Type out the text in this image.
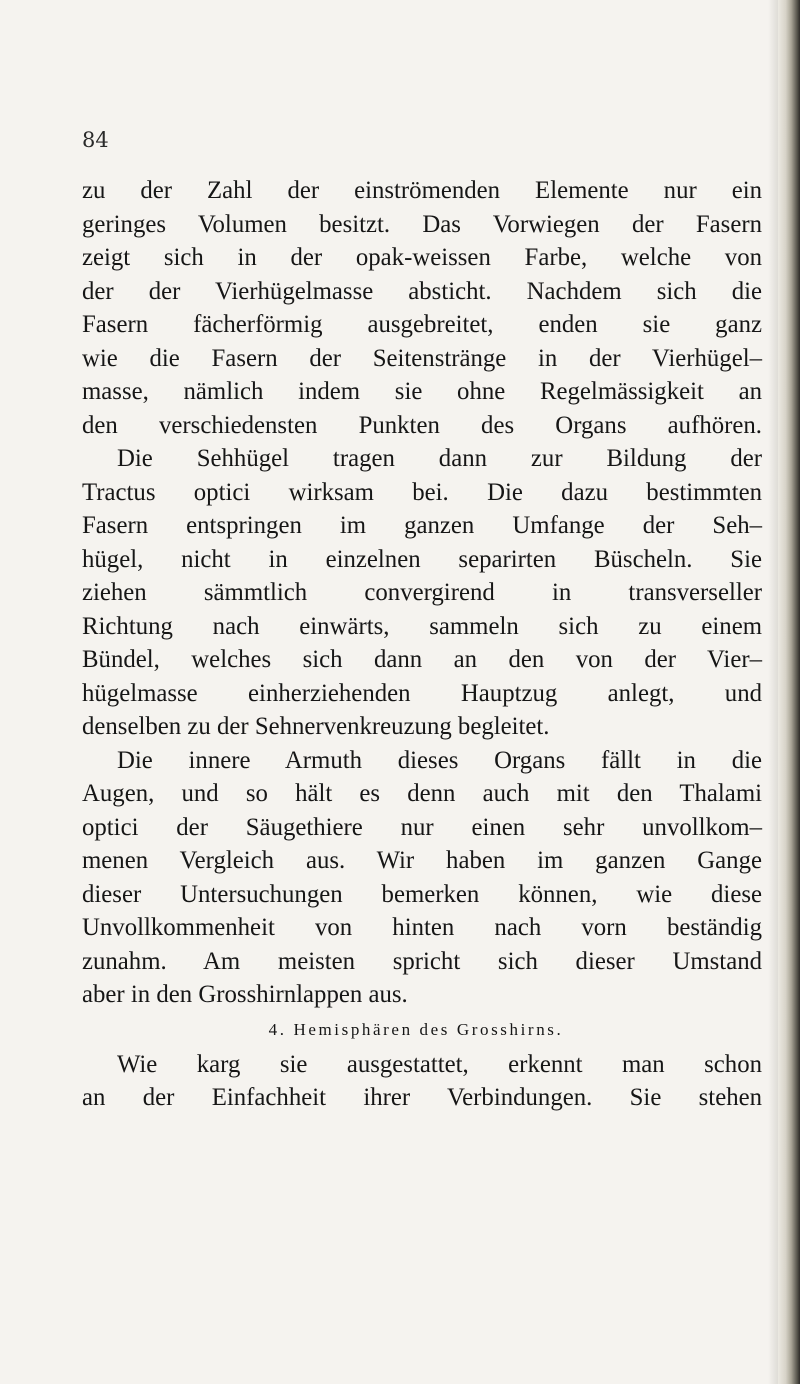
84

zu der Zahl der einströmenden Elemente nur ein
geringes Volumen besitzt. Das Vorwiegen der Fasern
zeigt sich in der opak-weissen Farbe, welche von
der der Vierhügelmasse absticht. Nachdem sich die
Fasern fächerförmig ausgebreitet, enden sie ganz
wie die Fasern der Seitenstränge in der Vierhügel–
masse, nämlich indem sie ohne Regelmässigkeit an
den verschiedensten Punkten des Organs aufhören.
Die Sehhügel tragen dann zur Bildung der
Tractus optici wirksam bei. Die dazu bestimmten
Fasern entspringen im ganzen Umfange der Seh–
hügel, nicht in einzelnen separirten Büscheln. Sie
ziehen sämmtlich convergirend in transverseller
Richtung nach einwärts, sammeln sich zu einem
Bündel, welches sich dann an den von der Vier–
hügelmasse einherziehenden Hauptzug anlegt, und
denselben zu der Sehnervenkreuzung begleitet.
Die innere Armuth dieses Organs fällt in die
Augen, und so hält es denn auch mit den Thalami
optici der Säugethiere nur einen sehr unvollkom–
menen Vergleich aus. Wir haben im ganzen Gange
dieser Untersuchungen bemerken können, wie diese
Unvollkommenheit von hinten nach vorn beständig
zunahm. Am meisten spricht sich dieser Umstand
aber in den Grosshirnlappen aus.
4. Hemisphären des Grosshirns.
Wie karg sie ausgestattet, erkennt man schon
an der Einfachheit ihrer Verbindungen. Sie stehen
